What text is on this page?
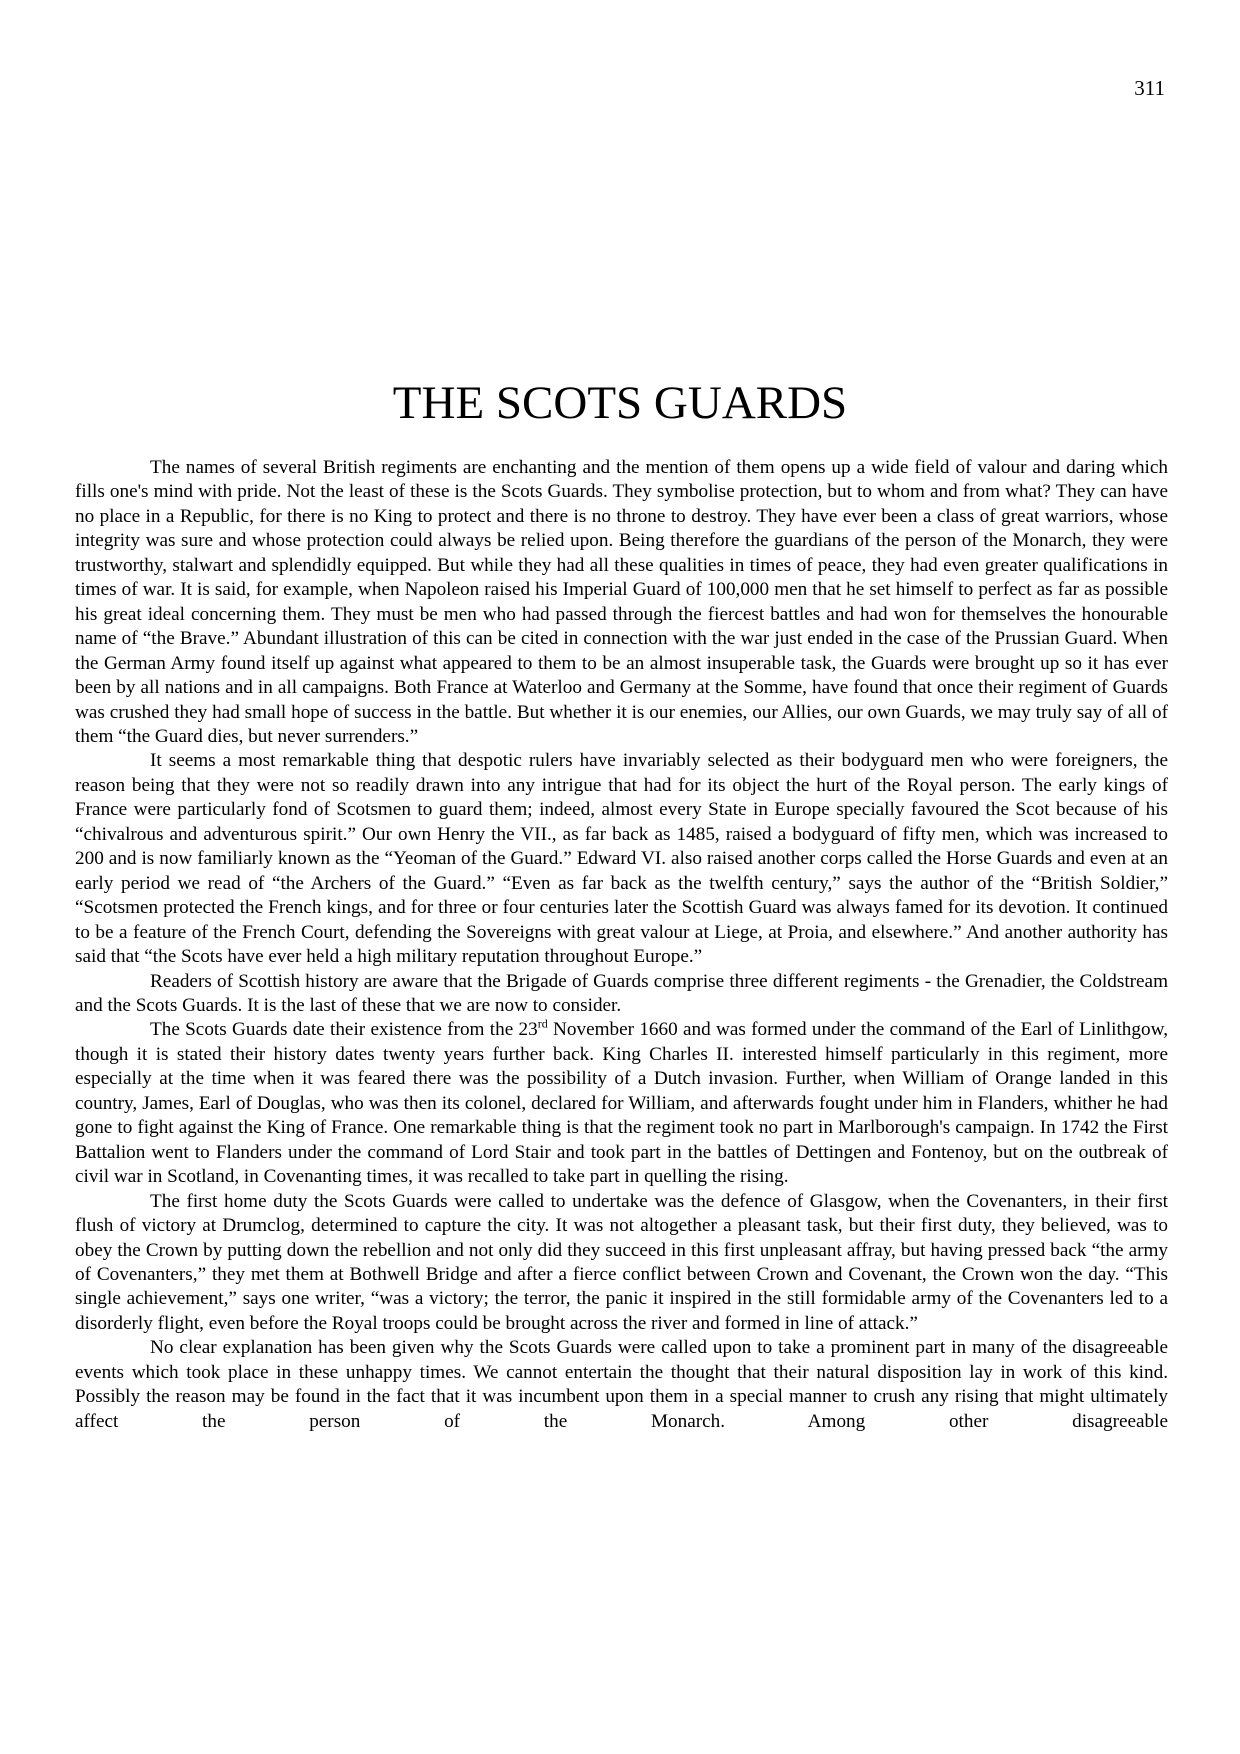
311
THE SCOTS GUARDS

The names of several British regiments are enchanting and the mention of them opens up a wide field of valour and daring which fills one's mind with pride. Not the least of these is the Scots Guards. They symbolise protection, but to whom and from what? They can have no place in a Republic, for there is no King to protect and there is no throne to destroy. They have ever been a class of great warriors, whose integrity was sure and whose protection could always be relied upon. Being therefore the guardians of the person of the Monarch, they were trustworthy, stalwart and splendidly equipped. But while they had all these qualities in times of peace, they had even greater qualifications in times of war. It is said, for example, when Napoleon raised his Imperial Guard of 100,000 men that he set himself to perfect as far as possible his great ideal concerning them. They must be men who had passed through the fiercest battles and had won for themselves the honourable name of “the Brave.” Abundant illustration of this can be cited in connection with the war just ended in the case of the Prussian Guard. When the German Army found itself up against what appeared to them to be an almost insuperable task, the Guards were brought up so it has ever been by all nations and in all campaigns. Both France at Waterloo and Germany at the Somme, have found that once their regiment of Guards was crushed they had small hope of success in the battle. But whether it is our enemies, our Allies, our own Guards, we may truly say of all of them “the Guard dies, but never surrenders.”

It seems a most remarkable thing that despotic rulers have invariably selected as their bodyguard men who were foreigners, the reason being that they were not so readily drawn into any intrigue that had for its object the hurt of the Royal person. The early kings of France were particularly fond of Scotsmen to guard them; indeed, almost every State in Europe specially favoured the Scot because of his “chivalrous and adventurous spirit.” Our own Henry the VII., as far back as 1485, raised a bodyguard of fifty men, which was increased to 200 and is now familiarly known as the “Yeoman of the Guard.” Edward VI. also raised another corps called the Horse Guards and even at an early period we read of “the Archers of the Guard.” “Even as far back as the twelfth century,” says the author of the “British Soldier,” “Scotsmen protected the French kings, and for three or four centuries later the Scottish Guard was always famed for its devotion. It continued to be a feature of the French Court, defending the Sovereigns with great valour at Liege, at Proia, and elsewhere.” And another authority has said that “the Scots have ever held a high military reputation throughout Europe.”

Readers of Scottish history are aware that the Brigade of Guards comprise three different regiments - the Grenadier, the Coldstream and the Scots Guards. It is the last of these that we are now to consider.

The Scots Guards date their existence from the 23rd November 1660 and was formed under the command of the Earl of Linlithgow, though it is stated their history dates twenty years further back. King Charles II. interested himself particularly in this regiment, more especially at the time when it was feared there was the possibility of a Dutch invasion. Further, when William of Orange landed in this country, James, Earl of Douglas, who was then its colonel, declared for William, and afterwards fought under him in Flanders, whither he had gone to fight against the King of France. One remarkable thing is that the regiment took no part in Marlborough's campaign. In 1742 the First Battalion went to Flanders under the command of Lord Stair and took part in the battles of Dettingen and Fontenoy, but on the outbreak of civil war in Scotland, in Covenanting times, it was recalled to take part in quelling the rising.

The first home duty the Scots Guards were called to undertake was the defence of Glasgow, when the Covenanters, in their first flush of victory at Drumclog, determined to capture the city. It was not altogether a pleasant task, but their first duty, they believed, was to obey the Crown by putting down the rebellion and not only did they succeed in this first unpleasant affray, but having pressed back “the army of Covenanters,” they met them at Bothwell Bridge and after a fierce conflict between Crown and Covenant, the Crown won the day. “This single achievement,” says one writer, “was a victory; the terror, the panic it inspired in the still formidable army of the Covenanters led to a disorderly flight, even before the Royal troops could be brought across the river and formed in line of attack.”

No clear explanation has been given why the Scots Guards were called upon to take a prominent part in many of the disagreeable events which took place in these unhappy times. We cannot entertain the thought that their natural disposition lay in work of this kind. Possibly the reason may be found in the fact that it was incumbent upon them in a special manner to crush any rising that might ultimately affect the person of the Monarch. Among other disagreeable
